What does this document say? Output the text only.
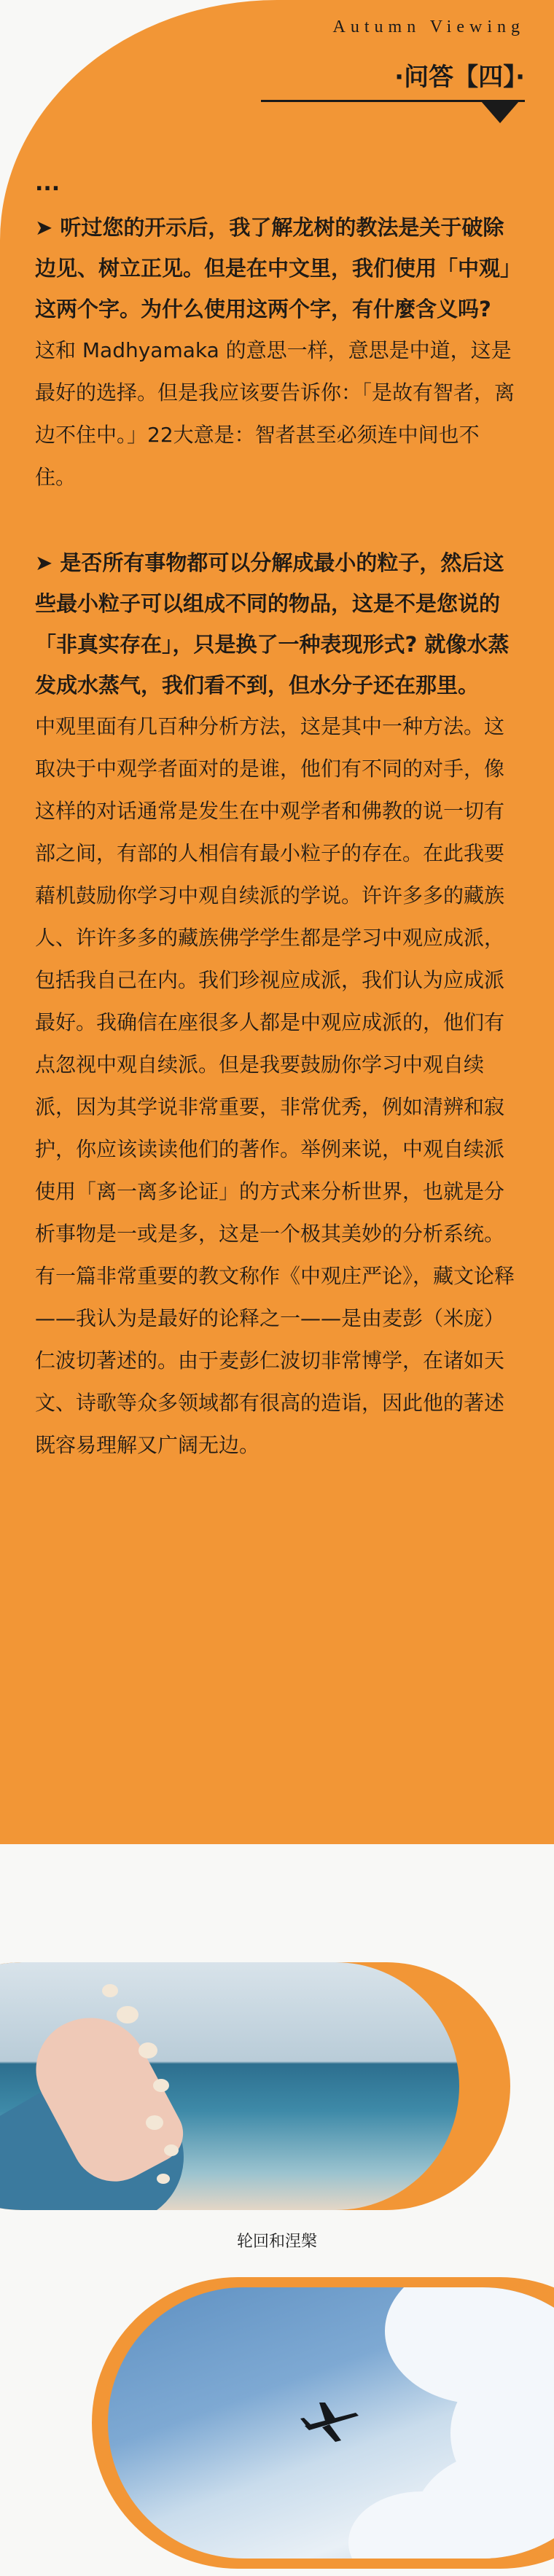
Autumn Viewing
·问答【四】·

...

➤ 听过您的开示后，我了解龙树的教法是关于破除边见、树立正见。但是在中文里，我们使用「中观」这两个字。为什么使用这两个字，有什麼含义吗?

这和 Madhyamaka 的意思一样，意思是中道，这是最好的选择。但是我应该要告诉你：「是故有智者，离边不住中。」22大意是：智者甚至必须连中间也不住。

➤ 是否所有事物都可以分解成最小的粒子，然后这些最小粒子可以组成不同的物品，这是不是您说的「非真实存在」，只是换了一种表现形式? 就像水蒸发成水蒸气，我们看不到，但水分子还在那里。

中观里面有几百种分析方法，这是其中一种方法。这取决于中观学者面对的是谁，他们有不同的对手，像这样的对话通常是发生在中观学者和佛教的说一切有部之间，有部的人相信有最小粒子的存在。在此我要藉机鼓励你学习中观自续派的学说。许许多多的藏族人、许许多多的藏族佛学学生都是学习中观应成派，包括我自己在内。我们珍视应成派，我们认为应成派最好。我确信在座很多人都是中观应成派的，他们有点忽视中观自续派。但是我要鼓励你学习中观自续派，因为其学说非常重要，非常优秀，例如清辨和寂护，你应该读读他们的著作。举例来说，中观自续派使用「离一离多论证」的方式来分析世界，也就是分析事物是一或是多，这是一个极其美妙的分析系统。有一篇非常重要的教文称作《中观庄严论》，藏文论释——我认为是最好的论释之一——是由麦彭（米庞）仁波切著述的。由于麦彭仁波切非常博学，在诸如天文、诗歌等众多领域都有很高的造诣，因此他的著述既容易理解又广阔无边。

轮回和涅槃
